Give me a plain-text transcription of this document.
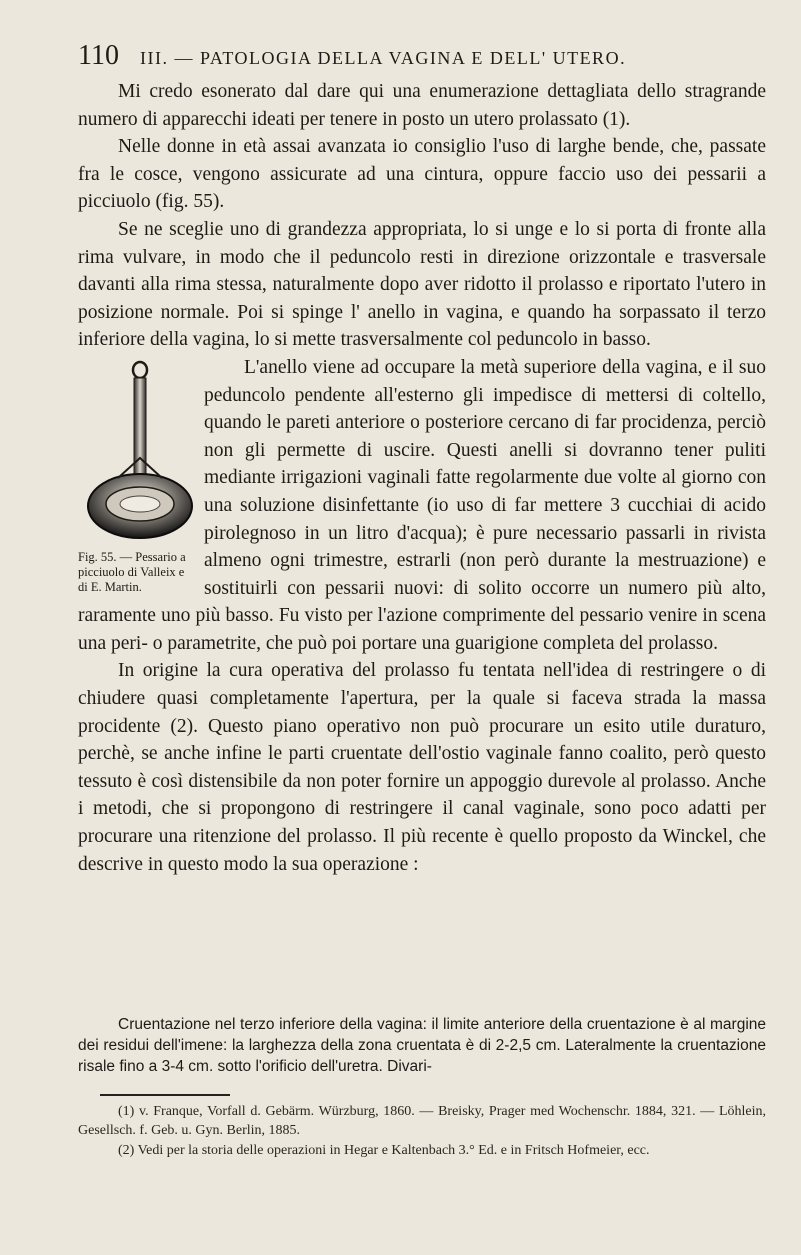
110	III. — PATOLOGIA DELLA VAGINA E DELL' UTERO.

Mi credo esonerato dal dare qui una enumerazione dettagliata dello stragrande numero di apparecchi ideati per tenere in posto un utero prolassato (1).

Nelle donne in età assai avanzata io consiglio l'uso di larghe bende, che, passate fra le cosce, vengono assicurate ad una cintura, oppure faccio uso dei pessarii a picciuolo (fig. 55).

Se ne sceglie uno di grandezza appropriata, lo si unge e lo si porta di fronte alla rima vulvare, in modo che il peduncolo resti in direzione orizzontale e trasversale davanti alla rima stessa, naturalmente dopo aver ridotto il prolasso e riportato l'utero in posizione normale. Poi si spinge l' anello in vagina, e quando ha sorpassato il terzo inferiore della vagina, lo si mette trasversalmente col peduncolo in basso.

Fig. 55. — Pessario a picciuolo di Valleix e di E. Martin.

L'anello viene ad occupare la metà superiore della vagina, e il suo peduncolo pendente all'esterno gli impedisce di mettersi di coltello, quando le pareti anteriore o posteriore cercano di far procidenza, perciò non gli permette di uscire. Questi anelli si dovranno tener puliti mediante irrigazioni vaginali fatte regolarmente due volte al giorno con una soluzione disinfettante (io uso di far mettere 3 cucchiai di acido pirolegnoso in un litro d'acqua); è pure necessario passarli in rivista almeno ogni trimestre, estrarli (non però durante la mestruazione) e sostituirli con pessarii nuovi: di solito occorre un numero più alto, raramente uno più basso. Fu visto per l'azione comprimente del pessario venire in scena una peri- o parametrite, che può poi portare una guarigione completa del prolasso.

In origine la cura operativa del prolasso fu tentata nell'idea di restringere o di chiudere quasi completamente l'apertura, per la quale si faceva strada la massa procidente (2). Questo piano operativo non può procurare un esito utile duraturo, perchè, se anche infine le parti cruentate dell'ostio vaginale fanno coalito, però questo tessuto è così distensibile da non poter fornire un appoggio durevole al prolasso. Anche i metodi, che si propongono di restringere il canal vaginale, sono poco adatti per procurare una ritenzione del prolasso. Il più recente è quello proposto da Winckel, che descrive in questo modo la sua operazione :

Cruentazione nel terzo inferiore della vagina: il limite anteriore della cruentazione è al margine dei residui dell'imene: la larghezza della zona cruentata è di 2-2,5 cm. Lateralmente la cruentazione risale fino a 3-4 cm. sotto l'orificio dell'uretra. Divari-

(1) v. Franque, Vorfall d. Gebärm. Würzburg, 1860. — Breisky, Prager med Wochenschr. 1884, 321. — Löhlein, Gesellsch. f. Geb. u. Gyn. Berlin, 1885.

(2) Vedi per la storia delle operazioni in Hegar e Kaltenbach 3.° Ed. e in Fritsch Hofmeier, ecc.
